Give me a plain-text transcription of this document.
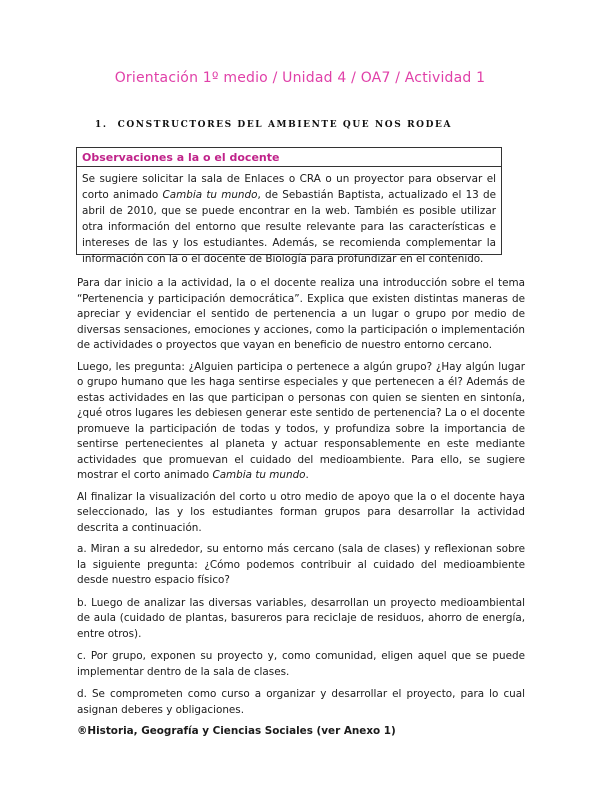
Orientación 1º medio / Unidad 4 / OA7 / Actividad 1
1. CONSTRUCTORES DEL AMBIENTE QUE NOS RODEA
Observaciones a la o el docente
Se sugiere solicitar la sala de Enlaces o CRA o un proyector para observar el corto animado Cambia tu mundo, de Sebastián Baptista, actualizado el 13 de abril de 2010, que se puede encontrar en la web. También es posible utilizar otra información del entorno que resulte relevante para las características e intereses de las y los estudiantes. Además, se recomienda complementar la información con la o el docente de Biología para profundizar en el contenido.

Para dar inicio a la actividad, la o el docente realiza una introducción sobre el tema “Pertenencia y participación democrática”. Explica que existen distintas maneras de apreciar y evidenciar el sentido de pertenencia a un lugar o grupo por medio de diversas sensaciones, emociones y acciones, como la participación o implementación de actividades o proyectos que vayan en beneficio de nuestro entorno cercano.

Luego, les pregunta: ¿Alguien participa o pertenece a algún grupo? ¿Hay algún lugar o grupo humano que les haga sentirse especiales y que pertenecen a él? Además de estas actividades en las que participan o personas con quien se sienten en sintonía, ¿qué otros lugares les debiesen generar este sentido de pertenencia? La o el docente promueve la participación de todas y todos, y profundiza sobre la importancia de sentirse pertenecientes al planeta y actuar responsablemente en este mediante actividades que promuevan el cuidado del medioambiente. Para ello, se sugiere mostrar el corto animado Cambia tu mundo.

Al finalizar la visualización del corto u otro medio de apoyo que la o el docente haya seleccionado, las y los estudiantes forman grupos para desarrollar la actividad descrita a continuación.

a. Miran a su alrededor, su entorno más cercano (sala de clases) y reflexionan sobre la siguiente pregunta: ¿Cómo podemos contribuir al cuidado del medioambiente desde nuestro espacio físico?

b. Luego de analizar las diversas variables, desarrollan un proyecto medioambiental de aula (cuidado de plantas, basureros para reciclaje de residuos, ahorro de energía, entre otros).

c. Por grupo, exponen su proyecto y, como comunidad, eligen aquel que se puede implementar dentro de la sala de clases.

d. Se comprometen como curso a organizar y desarrollar el proyecto, para lo cual asignan deberes y obligaciones.

®Historia, Geografía y Ciencias Sociales (ver Anexo 1)
